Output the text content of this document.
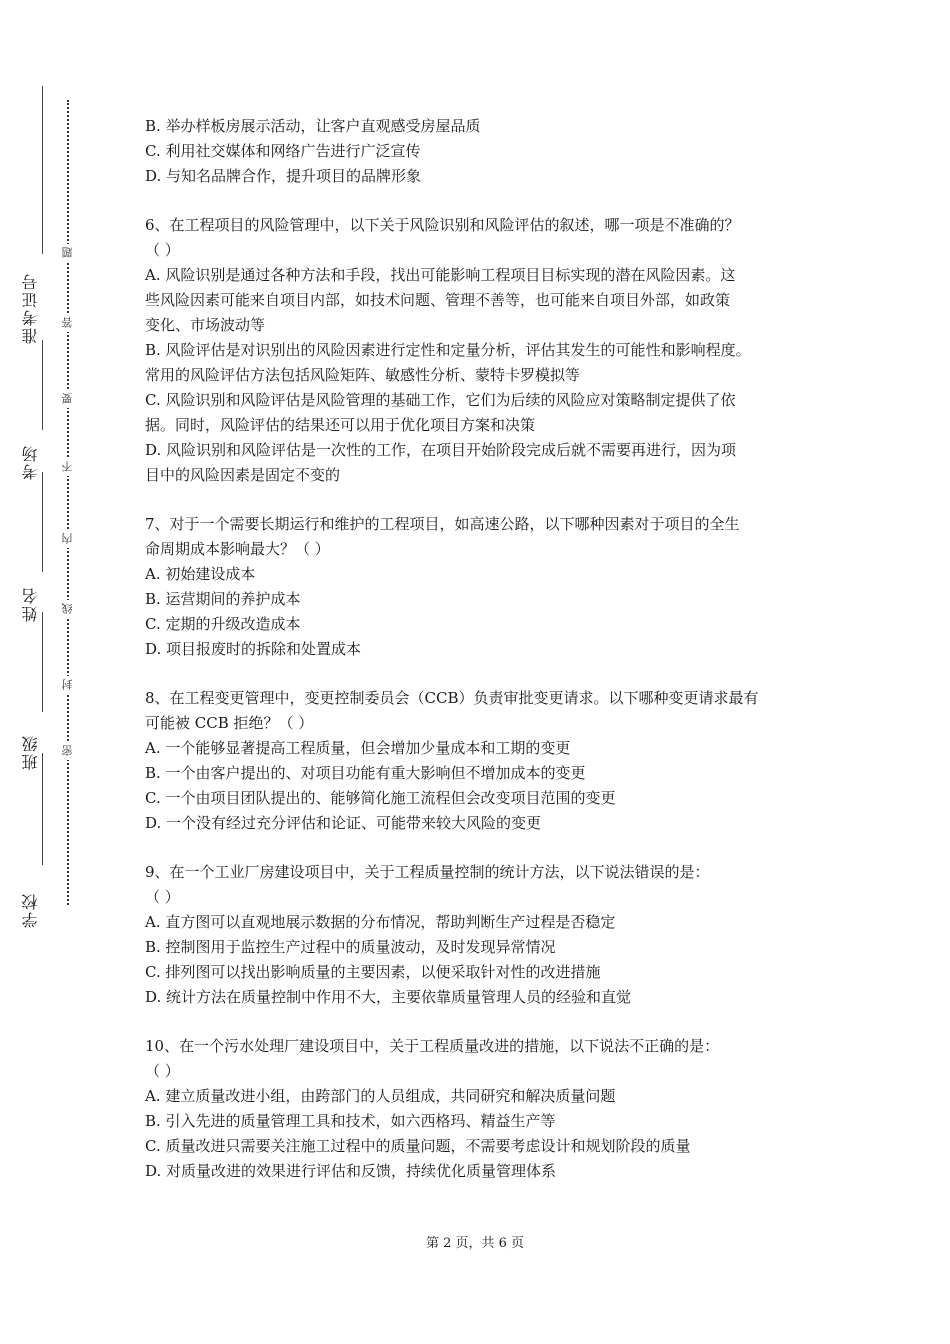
学校
班级
姓名
考场
准考证号
密
封
线
内
不
要
答
题
B. 举办样板房展示活动，让客户直观感受房屋品质
C. 利用社交媒体和网络广告进行广泛宣传
D. 与知名品牌合作，提升项目的品牌形象
6、在工程项目的风险管理中，以下关于风险识别和风险评估的叙述，哪一项是不准确的？
（ ）
A. 风险识别是通过各种方法和手段，找出可能影响工程项目目标实现的潜在风险因素。这
些风险因素可能来自项目内部，如技术问题、管理不善等，也可能来自项目外部，如政策
变化、市场波动等
B. 风险评估是对识别出的风险因素进行定性和定量分析，评估其发生的可能性和影响程度。
常用的风险评估方法包括风险矩阵、敏感性分析、蒙特卡罗模拟等
C. 风险识别和风险评估是风险管理的基础工作，它们为后续的风险应对策略制定提供了依
据。同时，风险评估的结果还可以用于优化项目方案和决策
D. 风险识别和风险评估是一次性的工作，在项目开始阶段完成后就不需要再进行，因为项
目中的风险因素是固定不变的
7、对于一个需要长期运行和维护的工程项目，如高速公路，以下哪种因素对于项目的全生
命周期成本影响最大？（ ）
A. 初始建设成本
B. 运营期间的养护成本
C. 定期的升级改造成本
D. 项目报废时的拆除和处置成本
8、在工程变更管理中，变更控制委员会（CCB）负责审批变更请求。以下哪种变更请求最有
可能被 CCB 拒绝？（ ）
A. 一个能够显著提高工程质量，但会增加少量成本和工期的变更
B. 一个由客户提出的、对项目功能有重大影响但不增加成本的变更
C. 一个由项目团队提出的、能够简化施工流程但会改变项目范围的变更
D. 一个没有经过充分评估和论证、可能带来较大风险的变更
9、在一个工业厂房建设项目中，关于工程质量控制的统计方法，以下说法错误的是：
（ ）
A. 直方图可以直观地展示数据的分布情况，帮助判断生产过程是否稳定
B. 控制图用于监控生产过程中的质量波动，及时发现异常情况
C. 排列图可以找出影响质量的主要因素，以便采取针对性的改进措施
D. 统计方法在质量控制中作用不大，主要依靠质量管理人员的经验和直觉
10、在一个污水处理厂建设项目中，关于工程质量改进的措施，以下说法不正确的是：
（ ）
A. 建立质量改进小组，由跨部门的人员组成，共同研究和解决质量问题
B. 引入先进的质量管理工具和技术，如六西格玛、精益生产等
C. 质量改进只需要关注施工过程中的质量问题，不需要考虑设计和规划阶段的质量
D. 对质量改进的效果进行评估和反馈，持续优化质量管理体系
第 2 页，共 6 页
